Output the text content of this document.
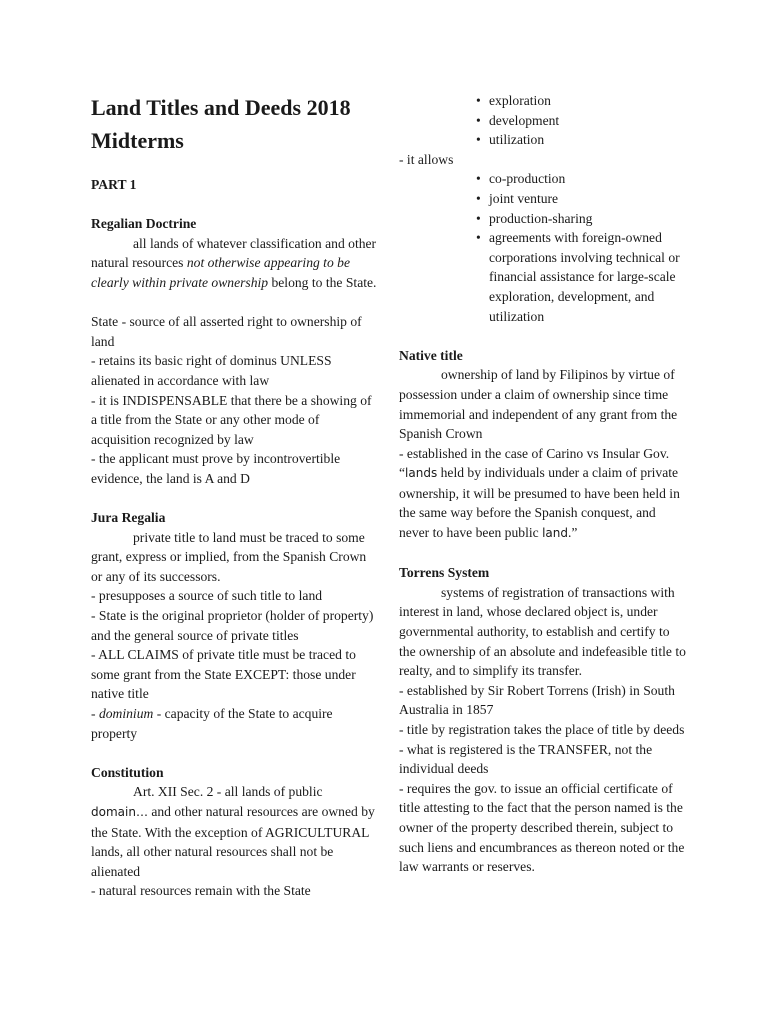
Land Titles and Deeds 2018 Midterms

PART 1

Regalian Doctrine

all lands of whatever classification and other natural resources not otherwise appearing to be clearly within private ownership belong to the State.

State - source of all asserted right to ownership of land

- retains its basic right of dominus UNLESS alienated in accordance with law

- it is INDISPENSABLE that there be a showing of a title from the State or any other mode of acquisition recognized by law

- the applicant must prove by incontrovertible evidence, the land is A and D

Jura Regalia

private title to land must be traced to some grant, express or implied, from the Spanish Crown or any of its successors.

- presupposes a source of such title to land

- State is the original proprietor (holder of property) and the general source of private titles

- ALL CLAIMS of private title must be traced to some grant from the State EXCEPT: those under native title

- dominium - capacity of the State to acquire property

Constitution

Art. XII Sec. 2 - all lands of public domain… and other natural resources are owned by the State. With the exception of AGRICULTURAL lands, all other natural resources shall not be alienated

- natural resources remain with the State

• exploration
• development
• utilization

- it allows

• co-production
• joint venture
• production-sharing
• agreements with foreign-owned corporations involving technical or financial assistance for large-scale exploration, development, and utilization

Native title

ownership of land by Filipinos by virtue of possession under a claim of ownership since time immemorial and independent of any grant from the Spanish Crown

- established in the case of Carino vs Insular Gov.

“lands held by individuals under a claim of private ownership, it will be presumed to have been held in the same way before the Spanish conquest, and never to have been public land.”

Torrens System

systems of registration of transactions with interest in land, whose declared object is, under governmental authority, to establish and certify to the ownership of an absolute and indefeasible title to realty, and to simplify its transfer.

- established by Sir Robert Torrens (Irish) in South Australia in 1857

- title by registration takes the place of title by deeds

- what is registered is the TRANSFER, not the individual deeds

- requires the gov. to issue an official certificate of title attesting to the fact that the person named is the owner of the property described therein, subject to such liens and encumbrances as thereon noted or the law warrants or reserves.
